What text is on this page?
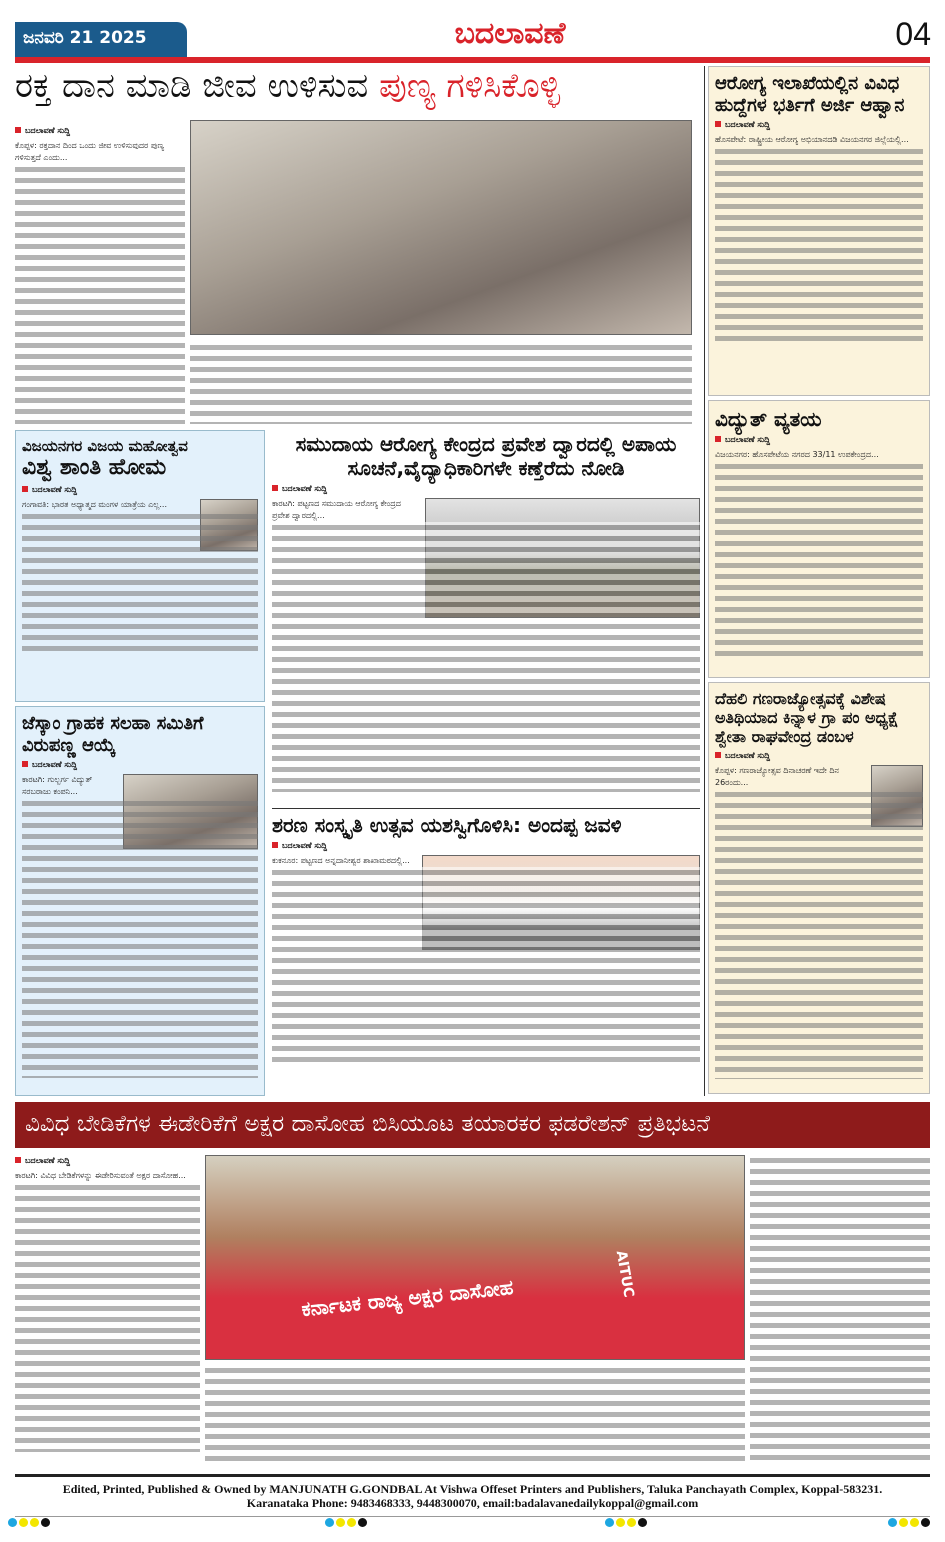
ಜನವರಿ 21 2025	ಬದಲಾವಣೆ	04
ರಕ್ತ ದಾನ ಮಾಡಿ ಜೀವ ಉಳಿಸುವ ಪುಣ್ಯ ಗಳಿಸಿಕೊಳ್ಳಿ
ಬದಲಾವಣೆ ಸುದ್ದಿ
ಕೊಪ್ಪಳ: ರಕ್ತದಾನ ದಿಂದ ಒಂದು ಜೀವ ಉಳಿಸುವುದರ ಪುಣ್ಯ ಗಳಿಸುತ್ತದೆ ಎಂದು...
ಆರೋಗ್ಯ ಇಲಾಖೆಯಲ್ಲಿನ ವಿವಿಧ ಹುದ್ದೆಗಳ ಭರ್ತಿಗೆ ಅರ್ಜಿ ಆಹ್ವಾನ
ಬದಲಾವಣೆ ಸುದ್ದಿ
ಹೊಸಪೇಟೆ: ರಾಷ್ಟ್ರೀಯ ಆರೋಗ್ಯ ಅಭಿಯಾನದಡಿ ವಿಜಯನಗರ ಜಿಲ್ಲೆಯಲ್ಲಿ...
ವಿದ್ಯುತ್ ವ್ಯತಯ
ಬದಲಾವಣೆ ಸುದ್ದಿ
ವಿಜಯನಗರ: ಹೊಸಪೇಟೆಯ ನಗರದ 33/11 ಉಪಕೇಂದ್ರದ...
ದೆಹಲಿ ಗಣರಾಜ್ಯೋತ್ಸವಕ್ಕೆ ವಿಶೇಷ ಅತಿಥಿಯಾದ ಕಿನ್ನಾಳ ಗ್ರಾ ಪಂ ಅಧ್ಯಕ್ಷೆ ಶ್ವೇತಾ ರಾಘವೇಂದ್ರ ಡಂಬಳ
ಬದಲಾವಣೆ ಸುದ್ದಿ
ಕೊಪ್ಪಳ: ಗಣರಾಜ್ಯೋತ್ಸವ ದಿನಾಚರಣೆ ಇದೇ ದಿನ 26ರಂದು...
ವಿಜಯನಗರ ವಿಜಯ ಮಹೋತ್ವವ
ವಿಶ್ವ ಶಾಂತಿ ಹೋಮ
ಬದಲಾವಣೆ ಸುದ್ದಿ
ಗಂಗಾವತಿ: ಭಾರತ ಅಧ್ಯಾತ್ಮದ ಮಂಗಳ ಯಾತ್ರೆಯ ಎಲ್ಲ...
ಜೆಸ್ಕಾಂ ಗ್ರಾಹಕ ಸಲಹಾ ಸಮಿತಿಗೆ ವಿರುಪಣ್ಣ ಆಯ್ಕೆ
ಬದಲಾವಣೆ ಸುದ್ದಿ
ಕಾರಟಗಿ: ಗುಲ್ಬರ್ಗ ವಿದ್ಯುತ್ ಸರಬರಾಜು ಕಂಪನಿ...
ಸಮುದಾಯ ಆರೋಗ್ಯ ಕೇಂದ್ರದ ಪ್ರವೇಶ ದ್ವಾರದಲ್ಲಿ ಅಪಾಯ ಸೂಚನೆ,ವೈದ್ಯಾಧಿಕಾರಿಗಳೇ ಕಣ್ತೆರೆದು ನೋಡಿ
ಬದಲಾವಣೆ ಸುದ್ದಿ
ಕಾರಟಗಿ: ಪಟ್ಟಣದ ಸಮುದಾಯ ಆರೋಗ್ಯ ಕೇಂದ್ರದ ಪ್ರವೇಶ ದ್ವಾರದಲ್ಲಿ...
ಶರಣ ಸಂಸ್ಕೃತಿ ಉತ್ಸವ ಯಶಸ್ವಿಗೊಳಿಸಿ: ಅಂದಪ್ಪ ಜವಳಿ
ಬದಲಾವಣೆ ಸುದ್ದಿ
ಕುಕನೂರ: ಪಟ್ಟಣದ ಅನ್ನದಾನೀಶ್ವರ ಶಾಖಾಮಠದಲ್ಲಿ...
ವಿವಿಧ ಬೇಡಿಕೆಗಳ ಈಡೇರಿಕೆಗೆ ಅಕ್ಷರ ದಾಸೋಹ ಬಿಸಿಯೂಟ ತಯಾರಕರ ಫಡರೇಶನ್ ಪ್ರತಿಭಟನೆ
ಬದಲಾವಣೆ ಸುದ್ದಿ
ಕಾರಟಗಿ: ವಿವಿಧ ಬೇಡಿಕೆಗಳನ್ನು ಈಡೇರಿಸುವಂತೆ ಅಕ್ಷರ ದಾಸೋಹ...
ಕರ್ನಾಟಕ ರಾಜ್ಯ ಅಕ್ಷರ ದಾಸೋಹ	AITUC
Edited, Printed, Published & Owned by MANJUNATH G.GONDBAL At Vishwa Offeset Printers and Publishers, Taluka Panchayath Complex, Koppal-583231.
Karanataka Phone: 9483468333, 9448300070, email:badalavanedailykoppal@gmail.com
